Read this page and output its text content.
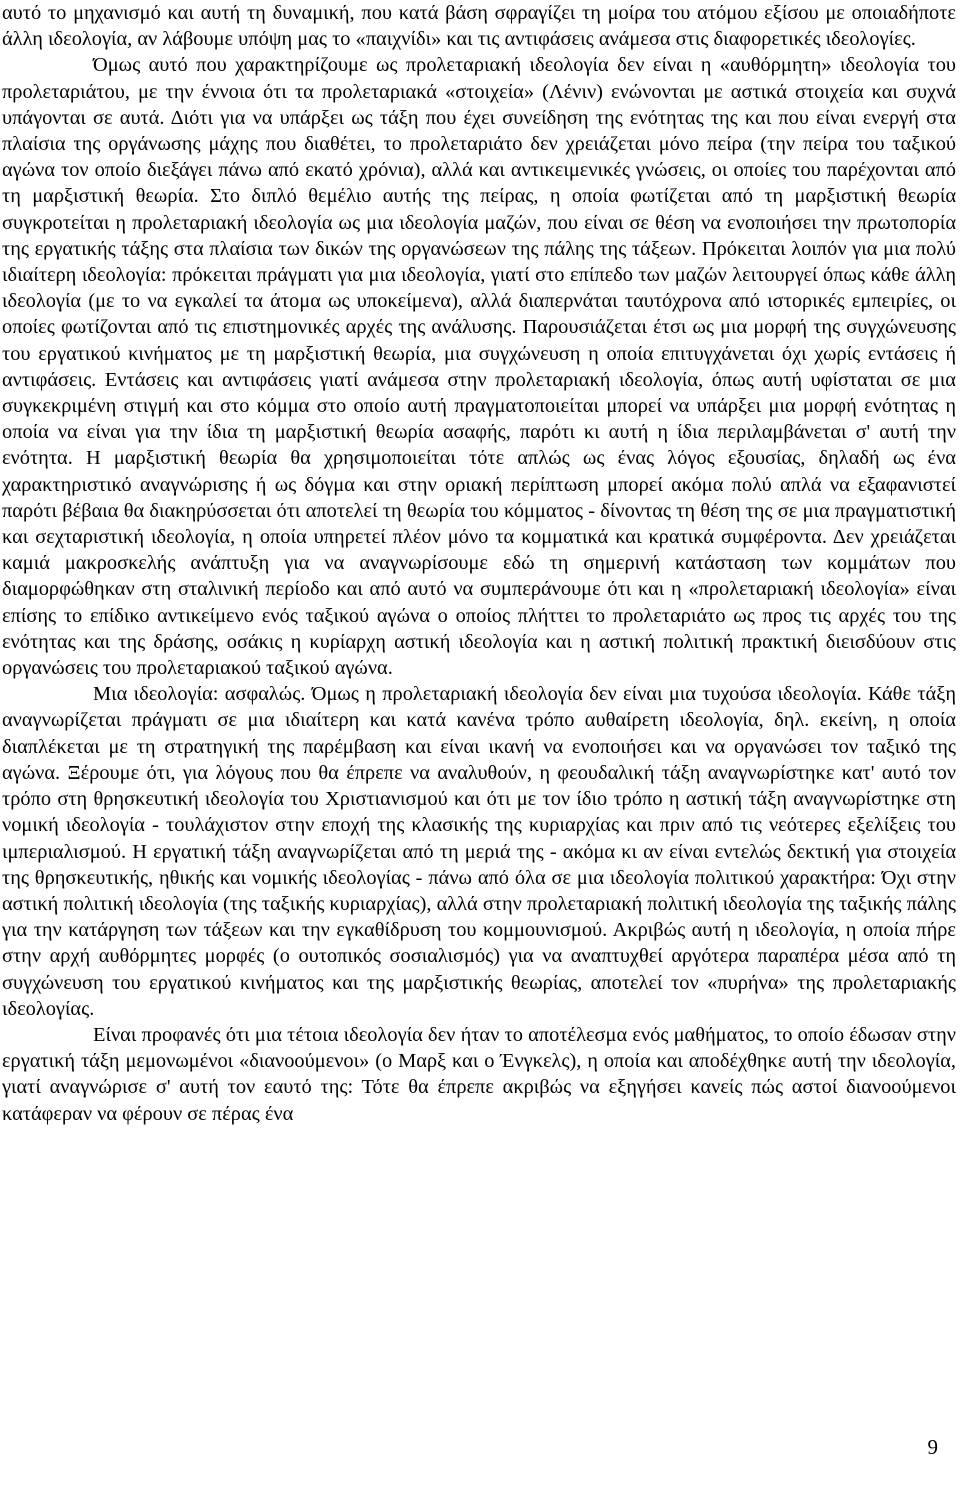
αυτό το μηχανισμό και αυτή τη δυναμική, που κατά βάση σφραγίζει τη μοίρα του ατόμου εξίσου με οποιαδήποτε άλλη ιδεολογία, αν λάβουμε υπόψη μας το «παιχνίδι» και τις αντιφάσεις ανάμεσα στις διαφορετικές ιδεολογίες.

Όμως αυτό που χαρακτηρίζουμε ως προλεταριακή ιδεολογία δεν είναι η «αυθόρμητη» ιδεολογία του προλεταριάτου, με την έννοια ότι τα προλεταριακά «στοιχεία» (Λένιν) ενώνονται με αστικά στοιχεία και συχνά υπάγονται σε αυτά. Διότι για να υπάρξει ως τάξη που έχει συνείδηση της ενότητας της και που είναι ενεργή στα πλαίσια της οργάνωσης μάχης που διαθέτει, το προλεταριάτο δεν χρειάζεται μόνο πείρα (την πείρα του ταξικού αγώνα τον οποίο διεξάγει πάνω από εκατό χρόνια), αλλά και αντικειμενικές γνώσεις, οι οποίες του παρέχονται από τη μαρξιστική θεωρία. Στο διπλό θεμέλιο αυτής της πείρας, η οποία φωτίζεται από τη μαρξιστική θεωρία συγκροτείται η προλεταριακή ιδεολογία ως μια ιδεολογία μαζών, που είναι σε θέση να ενοποιήσει την πρωτοπορία της εργατικής τάξης στα πλαίσια των δικών της οργανώσεων της πάλης της τάξεων. Πρόκειται λοιπόν για μια πολύ ιδιαίτερη ιδεολογία: πρόκειται πράγματι για μια ιδεολογία, γιατί στο επίπεδο των μαζών λειτουργεί όπως κάθε άλλη ιδεολογία (με το να εγκαλεί τα άτομα ως υποκείμενα), αλλά διαπερνάται ταυτόχρονα από ιστορικές εμπειρίες, οι οποίες φωτίζονται από τις επιστημονικές αρχές της ανάλυσης. Παρουσιάζεται έτσι ως μια μορφή της συγχώνευσης του εργατικού κινήματος με τη μαρξιστική θεωρία, μια συγχώνευση η οποία επιτυγχάνεται όχι χωρίς εντάσεις ή αντιφάσεις. Εντάσεις και αντιφάσεις γιατί ανάμεσα στην προλεταριακή ιδεολογία, όπως αυτή υφίσταται σε μια συγκεκριμένη στιγμή και στο κόμμα στο οποίο αυτή πραγματοποιείται μπορεί να υπάρξει μια μορφή ενότητας η οποία να είναι για την ίδια τη μαρξιστική θεωρία ασαφής, παρότι κι αυτή η ίδια περιλαμβάνεται σ' αυτή την ενότητα. Η μαρξιστική θεωρία θα χρησιμοποιείται τότε απλώς ως ένας λόγος εξουσίας, δηλαδή ως ένα χαρακτηριστικό αναγνώρισης ή ως δόγμα και στην οριακή περίπτωση μπορεί ακόμα πολύ απλά να εξαφανιστεί παρότι βέβαια θα διακηρύσσεται ότι αποτελεί τη θεωρία του κόμματος - δίνοντας τη θέση της σε μια πραγματιστική και σεχταριστική ιδεολογία, η οποία υπηρετεί πλέον μόνο τα κομματικά και κρατικά συμφέροντα. Δεν χρειάζεται καμιά μακροσκελής ανάπτυξη για να αναγνωρίσουμε εδώ τη σημερινή κατάσταση των κομμάτων που διαμορφώθηκαν στη σταλινική περίοδο και από αυτό να συμπεράνουμε ότι και η «προλεταριακή ιδεολογία» είναι επίσης το επίδικο αντικείμενο ενός ταξικού αγώνα ο οποίος πλήττει το προλεταριάτο ως προς τις αρχές του της ενότητας και της δράσης, οσάκις η κυρίαρχη αστική ιδεολογία και η αστική πολιτική πρακτική διεισδύουν στις οργανώσεις του προλεταριακού ταξικού αγώνα.

Μια ιδεολογία: ασφαλώς. Όμως η προλεταριακή ιδεολογία δεν είναι μια τυχούσα ιδεολογία. Κάθε τάξη αναγνωρίζεται πράγματι σε μια ιδιαίτερη και κατά κανένα τρόπο αυθαίρετη ιδεολογία, δηλ. εκείνη, η οποία διαπλέκεται με τη στρατηγική της παρέμβαση και είναι ικανή να ενοποιήσει και να οργανώσει τον ταξικό της αγώνα. Ξέρουμε ότι, για λόγους που θα έπρεπε να αναλυθούν, η φεουδαλική τάξη αναγνωρίστηκε κατ' αυτό τον τρόπο στη θρησκευτική ιδεολογία του Χριστιανισμού και ότι με τον ίδιο τρόπο η αστική τάξη αναγνωρίστηκε στη νομική ιδεολογία - τουλάχιστον στην εποχή της κλασικής της κυριαρχίας και πριν από τις νεότερες εξελίξεις του ιμπεριαλισμού. Η εργατική τάξη αναγνωρίζεται από τη μεριά της - ακόμα κι αν είναι εντελώς δεκτική για στοιχεία της θρησκευτικής, ηθικής και νομικής ιδεολογίας - πάνω από όλα σε μια ιδεολογία πολιτικού χαρακτήρα: Όχι στην αστική πολιτική ιδεολογία (της ταξικής κυριαρχίας), αλλά στην προλεταριακή πολιτική ιδεολογία της ταξικής πάλης για την κατάργηση των τάξεων και την εγκαθίδρυση του κομμουνισμού. Ακριβώς αυτή η ιδεολογία, η οποία πήρε στην αρχή αυθόρμητες μορφές (ο ουτοπικός σοσιαλισμός) για να αναπτυχθεί αργότερα παραπέρα μέσα από τη συγχώνευση του εργατικού κινήματος και της μαρξιστικής θεωρίας, αποτελεί τον «πυρήνα» της προλεταριακής ιδεολογίας.

Είναι προφανές ότι μια τέτοια ιδεολογία δεν ήταν το αποτέλεσμα ενός μαθήματος, το οποίο έδωσαν στην εργατική τάξη μεμονωμένοι «διανοούμενοι» (ο Μαρξ και ο Ένγκελς), η οποία και αποδέχθηκε αυτή την ιδεολογία, γιατί αναγνώρισε σ' αυτή τον εαυτό της: Τότε θα έπρεπε ακριβώς να εξηγήσει κανείς πώς αστοί διανοούμενοι κατάφεραν να φέρουν σε πέρας ένα

9
